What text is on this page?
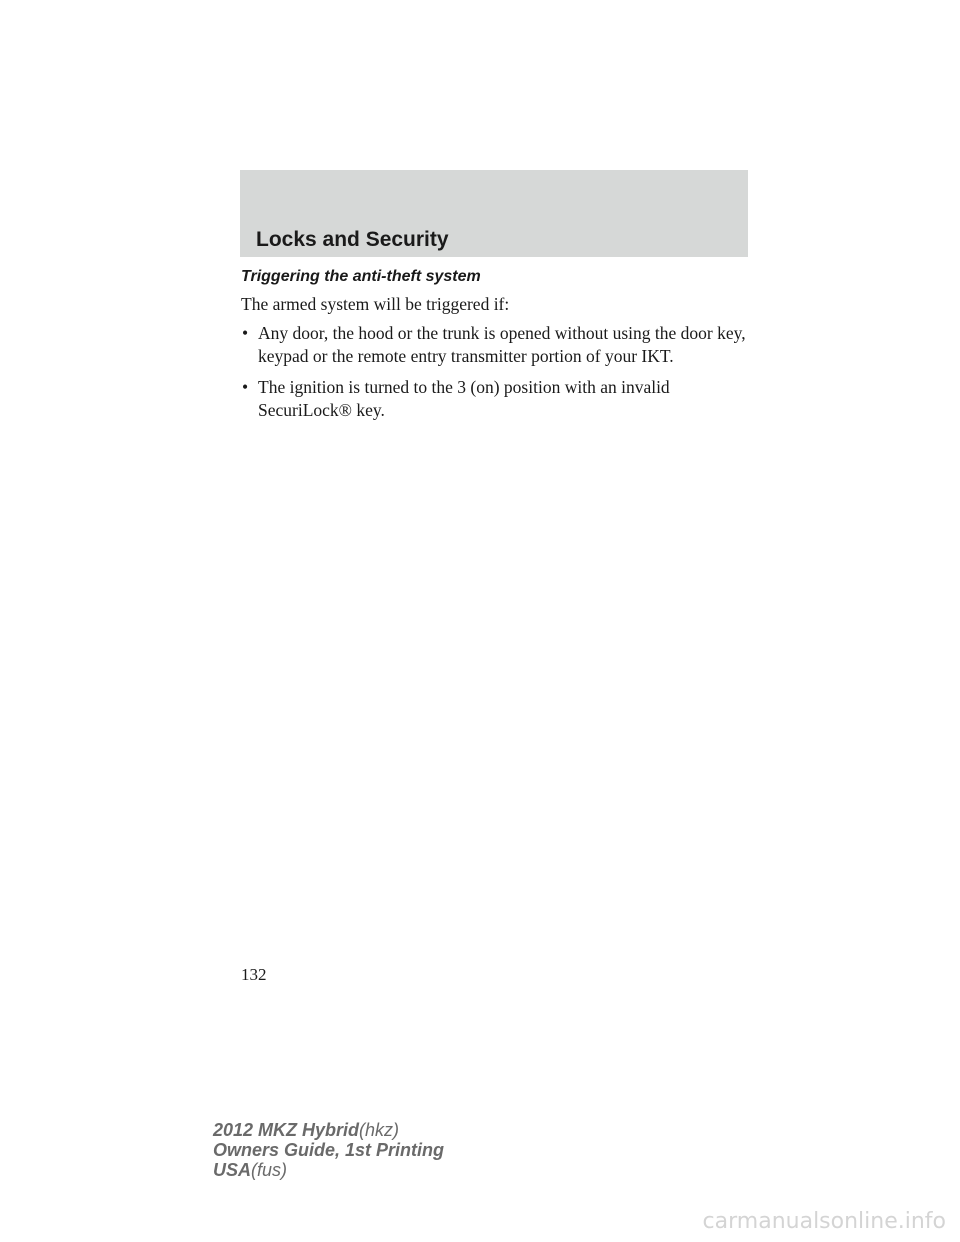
Locks and Security
Triggering the anti-theft system
The armed system will be triggered if:
• Any door, the hood or the trunk is opened without using the door key, keypad or the remote entry transmitter portion of your IKT.
• The ignition is turned to the 3 (on) position with an invalid SecuriLock® key.
132
2012 MKZ Hybrid(hkz)
Owners Guide, 1st Printing
USA(fus)
carmanualsonline.info
